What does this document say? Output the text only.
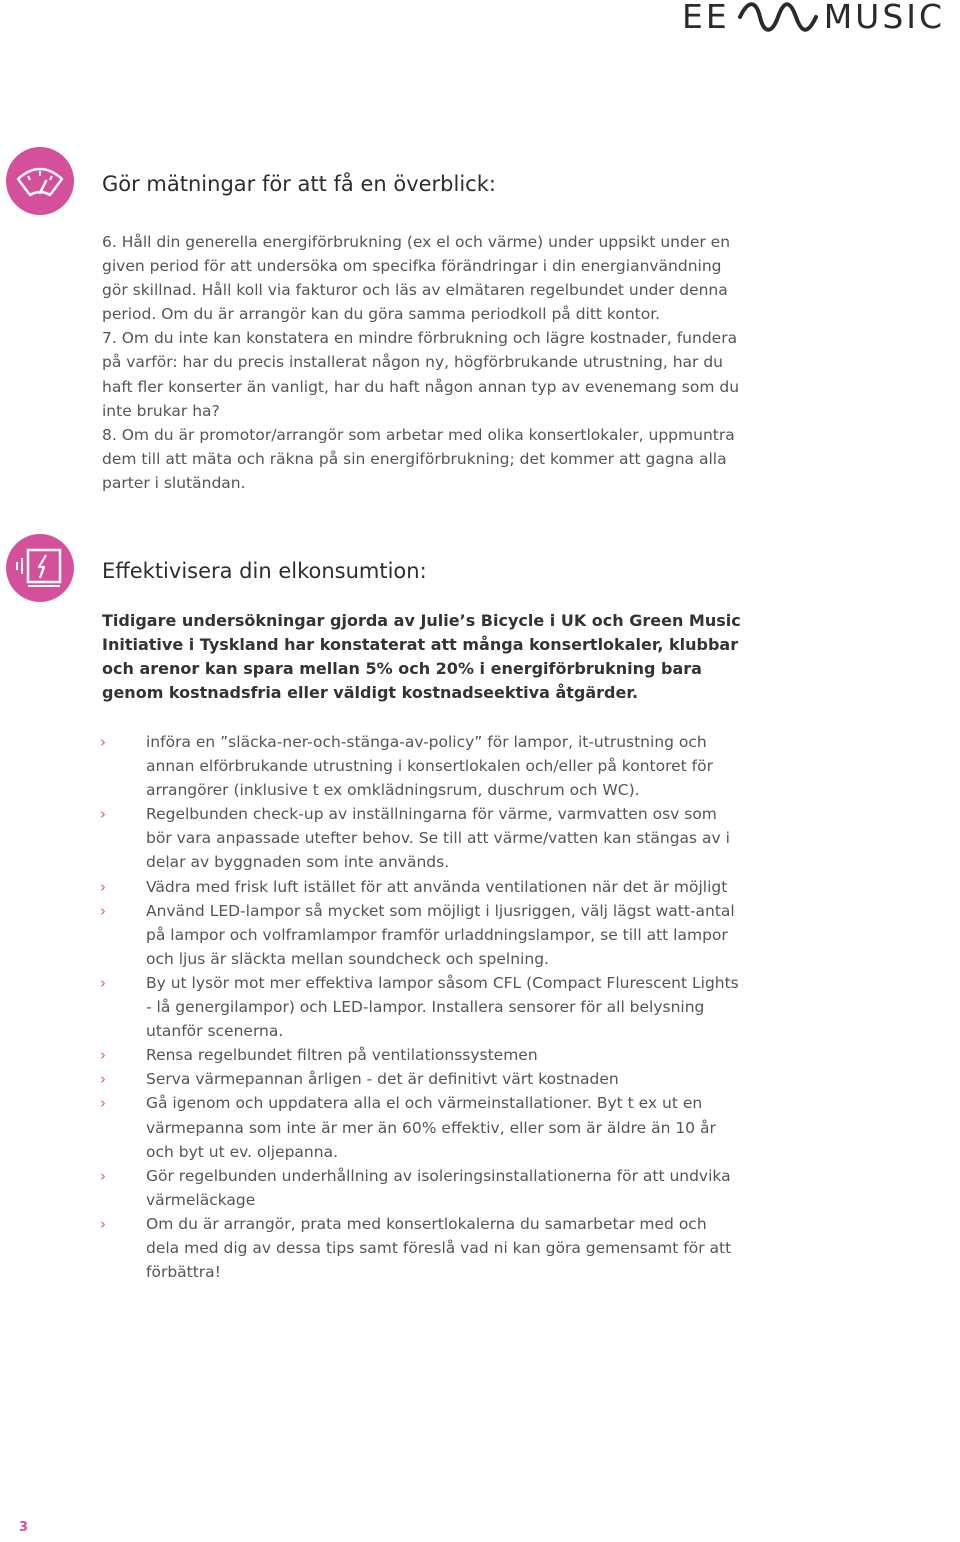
EE	MUSIC
Gör mätningar för att få en överblick:

6. Håll din generella energiförbrukning (ex el och värme) under uppsikt under en given period för att undersöka om specifka förändringar i din energianvändning gör skillnad. Håll koll via fakturor och läs av elmätaren regelbundet under denna period. Om du är arrangör kan du göra samma periodkoll på ditt kontor.

7. Om du inte kan konstatera en mindre förbrukning och lägre kostnader, fundera på varför: har du precis installerat någon ny, högförbrukande utrustning, har du haft fler konserter än vanligt, har du haft någon annan typ av evenemang som du inte brukar ha?

8. Om du är promotor/arrangör som arbetar med olika konsertlokaler, uppmuntra dem till att mäta och räkna på sin energiförbrukning; det kommer att gagna alla parter i slutändan.

Effektivisera din elkonsumtion:

Tidigare undersökningar gjorda av Julie’s Bicycle i UK och Green Music Initiative i Tyskland har konstaterat att många konsertlokaler, klubbar och arenor kan spara mellan 5% och 20% i energiförbrukning bara genom kostnadsfria eller väldigt kostnadseektiva åtgärder.

›	införa en ”släcka-ner-och-stänga-av-policy” för lampor, it-utrustning och annan elförbrukande utrustning i konsertlokalen och/eller på kontoret för arrangörer (inklusive t ex omklädningsrum, duschrum och WC).
›	Regelbunden check-up av inställningarna för värme, varmvatten osv som bör vara anpassade utefter behov. Se till att värme/vatten kan stängas av i delar av byggnaden som inte används.
›	Vädra med frisk luft istället för att använda ventilationen när det är möjligt
›	Använd LED-lampor så mycket som möjligt i ljusriggen, välj lägst watt-antal på lampor och volframlampor framför urladdningslampor, se till att lampor och ljus är släckta mellan soundcheck och spelning.
›	By ut lysör mot mer effektiva lampor såsom CFL (Compact Flurescent Lights - lå genergilampor) och LED-lampor. Installera sensorer för all belysning utanför scenerna.
›	Rensa regelbundet filtren på ventilationssystemen
›	Serva värmepannan årligen - det är definitivt värt kostnaden
›	Gå igenom och uppdatera alla el och värmeinstallationer. Byt t ex ut en värmepanna som inte är mer än 60% effektiv, eller som är äldre än 10 år och byt ut ev. oljepanna.
›	Gör regelbunden underhållning av isoleringsinstallationerna för att undvika värmeläckage
›	Om du är arrangör, prata med konsertlokalerna du samarbetar med och dela med dig av dessa tips samt föreslå vad ni kan göra gemensamt för att förbättra!
3
